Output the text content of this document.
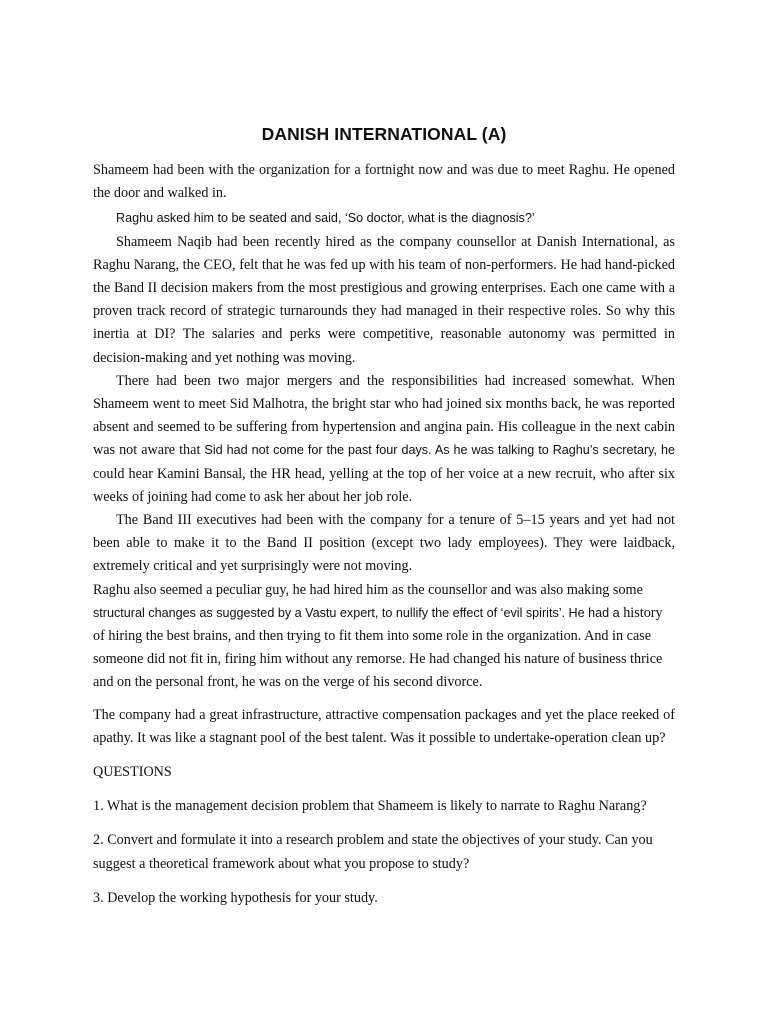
DANISH INTERNATIONAL (A)

Shameem had been with the organization for a fortnight now and was due to meet Raghu. He opened the door and walked in.

Raghu asked him to be seated and said, ‘So doctor, what is the diagnosis?’

Shameem Naqib had been recently hired as the company counsellor at Danish International, as Raghu Narang, the CEO, felt that he was fed up with his team of non-performers. He had hand-picked the Band II decision makers from the most prestigious and growing enterprises. Each one came with a proven track record of strategic turnarounds they had managed in their respective roles. So why this inertia at DI? The salaries and perks were competitive, reasonable autonomy was permitted in decision-making and yet nothing was moving.

There had been two major mergers and the responsibilities had increased somewhat. When Shameem went to meet Sid Malhotra, the bright star who had joined six months back, he was reported absent and seemed to be suffering from hypertension and angina pain. His colleague in the next cabin was not aware that Sid had not come for the past four days. As he was talking to Raghu’s secretary, he could hear Kamini Bansal, the HR head, yelling at the top of her voice at a new recruit, who after six weeks of joining had come to ask her about her job role.

The Band III executives had been with the company for a tenure of 5–15 years and yet had not been able to make it to the Band II position (except two lady employees). They were laidback, extremely critical and yet surprisingly were not moving.

Raghu also seemed a peculiar guy, he had hired him as the counsellor and was also making some structural changes as suggested by a Vastu expert, to nullify the effect of ‘evil spirits’. He had a history of hiring the best brains, and then trying to fit them into some role in the organization. And in case someone did not fit in, firing him without any remorse. He had changed his nature of business thrice and on the personal front, he was on the verge of his second divorce.

The company had a great infrastructure, attractive compensation packages and yet the place reeked of apathy. It was like a stagnant pool of the best talent. Was it possible to undertake-operation clean up?

QUESTIONS

1. What is the management decision problem that Shameem is likely to narrate to Raghu Narang?

2. Convert and formulate it into a research problem and state the objectives of your study. Can you suggest a theoretical framework about what you propose to study?

3. Develop the working hypothesis for your study.
